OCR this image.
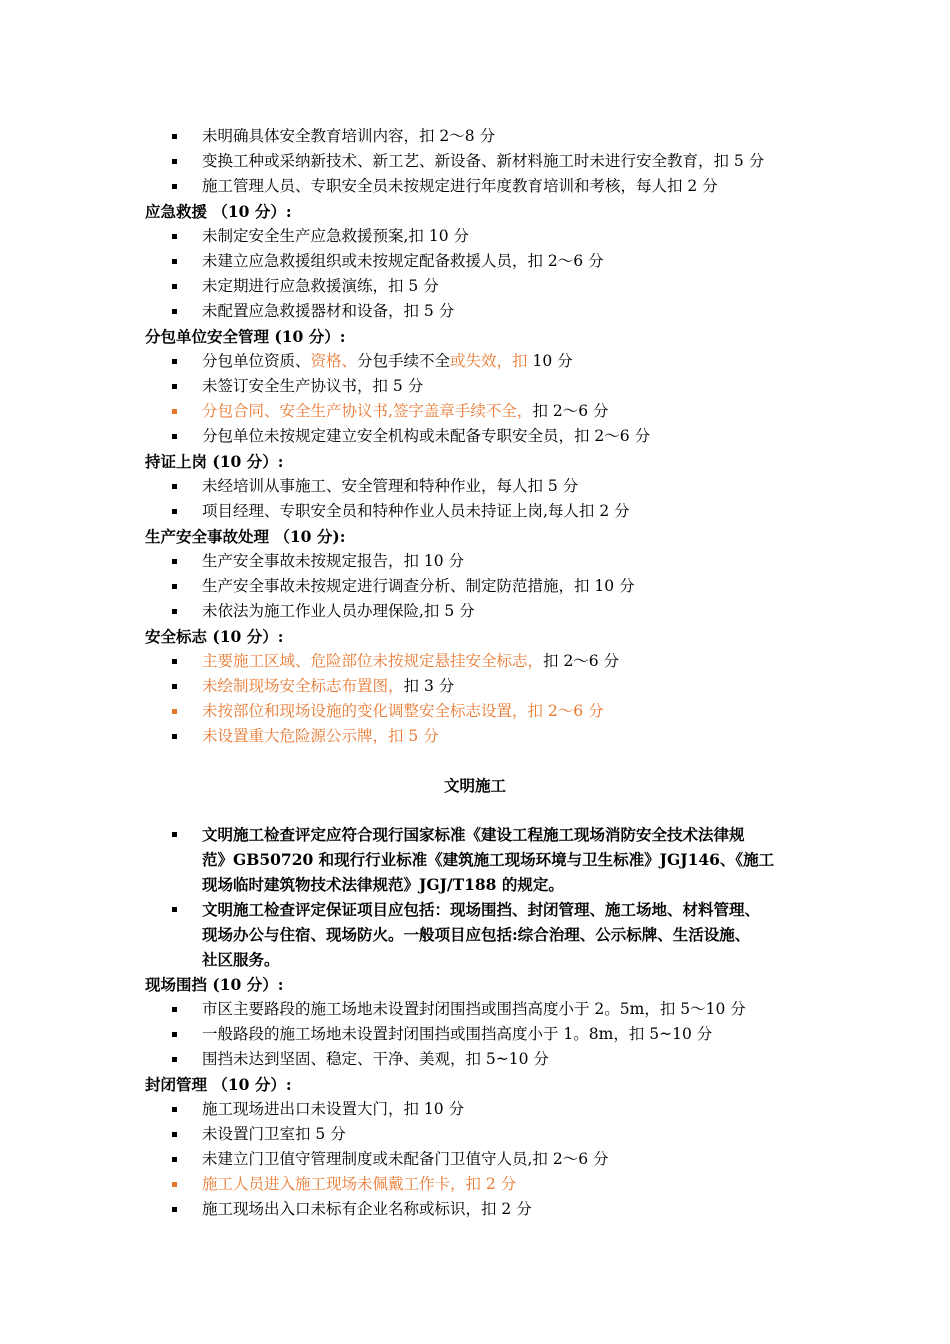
未明确具体安全教育培训内容，扣 2～8 分
变换工种或采纳新技术、新工艺、新设备、新材料施工时未进行安全教育，扣 5 分
施工管理人员、专职安全员未按规定进行年度教育培训和考核，每人扣 2 分
应急救援 （10 分）:
未制定安全生产应急救援预案,扣 10 分
未建立应急救援组织或未按规定配备救援人员，扣 2～6 分
未定期进行应急救援演练，扣 5 分
未配置应急救援器材和设备，扣 5 分
分包单位安全管理 (10 分）:
分包单位资质、资格、分包手续不全或失效，扣 10 分
未签订安全生产协议书，扣 5 分
分包合同、安全生产协议书,签字盖章手续不全，扣 2～6 分
分包单位未按规定建立安全机构或未配备专职安全员，扣 2～6 分
持证上岗 (10 分）:
未经培训从事施工、安全管理和特种作业，每人扣 5 分
项目经理、专职安全员和特种作业人员未持证上岗,每人扣 2 分
生产安全事故处理 （10 分):
生产安全事故未按规定报告，扣 10 分
生产安全事故未按规定进行调查分析、制定防范措施，扣 10 分
未依法为施工作业人员办理保险,扣 5 分
安全标志 (10 分）:
主要施工区域、危险部位未按规定悬挂安全标志，扣 2～6 分
未绘制现场安全标志布置图，扣 3 分
未按部位和现场设施的变化调整安全标志设置，扣 2～6 分
未设置重大危险源公示牌，扣 5 分
文明施工
文明施工检查评定应符合现行国家标准《建设工程施工现场消防安全技术法律规
范》GB50720 和现行行业标准《建筑施工现场环境与卫生标准》JGJ146、《施工
现场临时建筑物技术法律规范》JGJ/T188 的规定。
文明施工检查评定保证项目应包括：现场围挡、封闭管理、施工场地、材料管理、
现场办公与住宿、现场防火。一般项目应包括:综合治理、公示标牌、生活设施、
社区服务。
现场围挡 (10 分）:
市区主要路段的施工场地未设置封闭围挡或围挡高度小于 2。5m，扣 5～10 分
一般路段的施工场地未设置封闭围挡或围挡高度小于 1。8m，扣 5~10 分
围挡未达到坚固、稳定、干净、美观，扣 5~10 分
封闭管理 （10 分）:
施工现场进出口未设置大门，扣 10 分
未设置门卫室扣 5 分
未建立门卫值守管理制度或未配备门卫值守人员,扣 2～6 分
施工人员进入施工现场未佩戴工作卡，扣 2 分
施工现场出入口未标有企业名称或标识，扣 2 分
